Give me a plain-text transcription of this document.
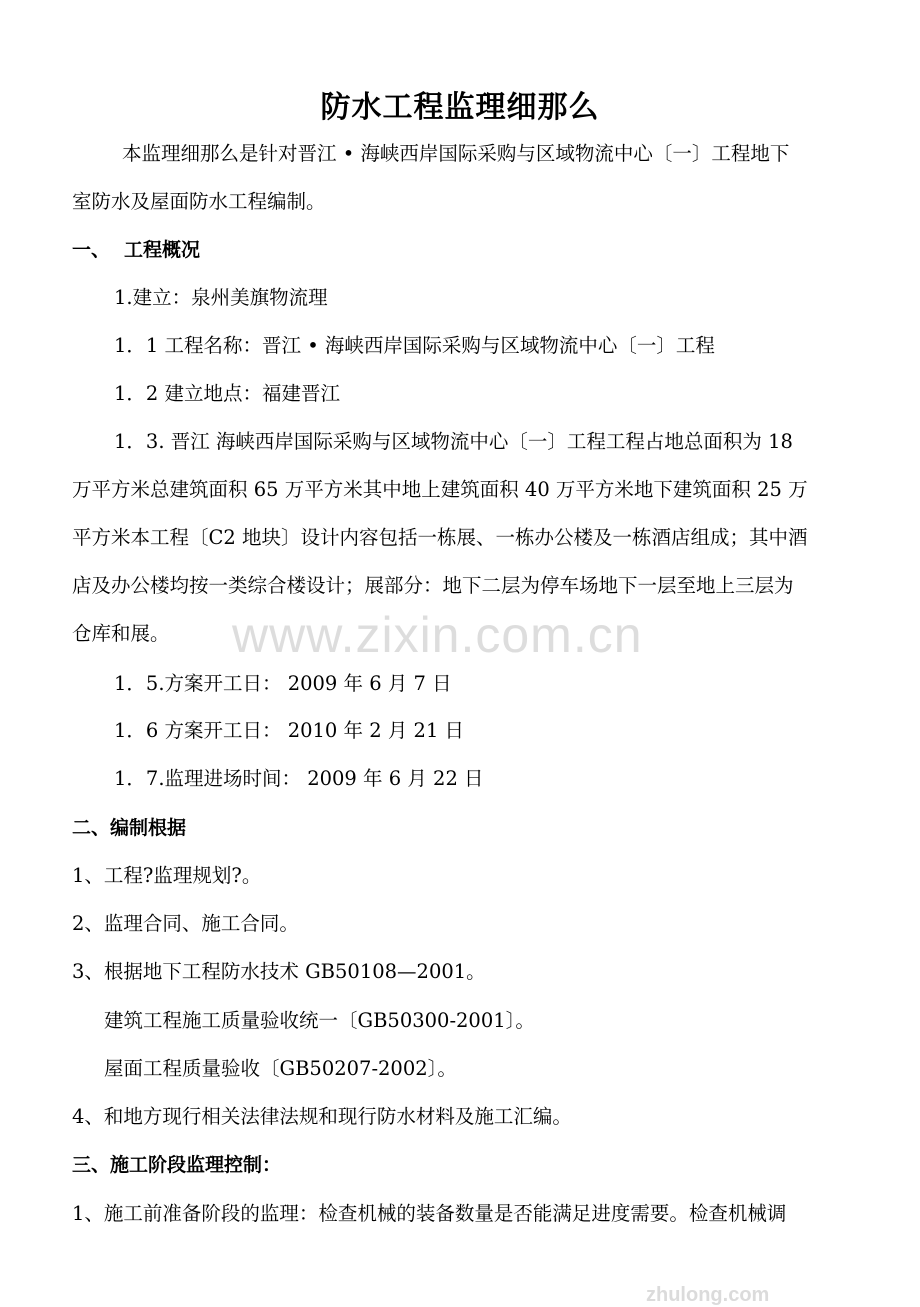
防水工程监理细那么
本监理细那么是针对晋江 • 海峡西岸国际采购与区域物流中心〔一〕工程地下
室防水及屋面防水工程编制。
一、 工程概况
1.建立：泉州美旗物流理
1．1 工程名称：晋江 • 海峡西岸国际采购与区域物流中心〔一〕工程
1．2 建立地点：福建晋江
1．3. 晋江 海峡西岸国际采购与区域物流中心〔一〕工程工程占地总面积为 18
万平方米总建筑面积 65 万平方米其中地上建筑面积 40 万平方米地下建筑面积 25 万
平方米本工程〔C2 地块〕设计内容包括一栋展、一栋办公楼及一栋酒店组成；其中酒
店及办公楼均按一类综合楼设计；展部分：地下二层为停车场地下一层至地上三层为
仓库和展。
1．5.方案开工日： 2009 年 6 月 7 日
1．6 方案开工日： 2010 年 2 月 21 日
1．7.监理进场时间： 2009 年 6 月 22 日
二、编制根据
1、工程?监理规划?。
2、监理合同、施工合同。
3、根据地下工程防水技术 GB50108—2001。
建筑工程施工质量验收统一〔GB50300-2001〕。
屋面工程质量验收〔GB50207-2002〕。
4、和地方现行相关法律法规和现行防水材料及施工汇编。
三、施工阶段监理控制：
1、施工前准备阶段的监理：检查机械的装备数量是否能满足进度需要。检查机械调
www.zixin.com.cn
zhulong.com
